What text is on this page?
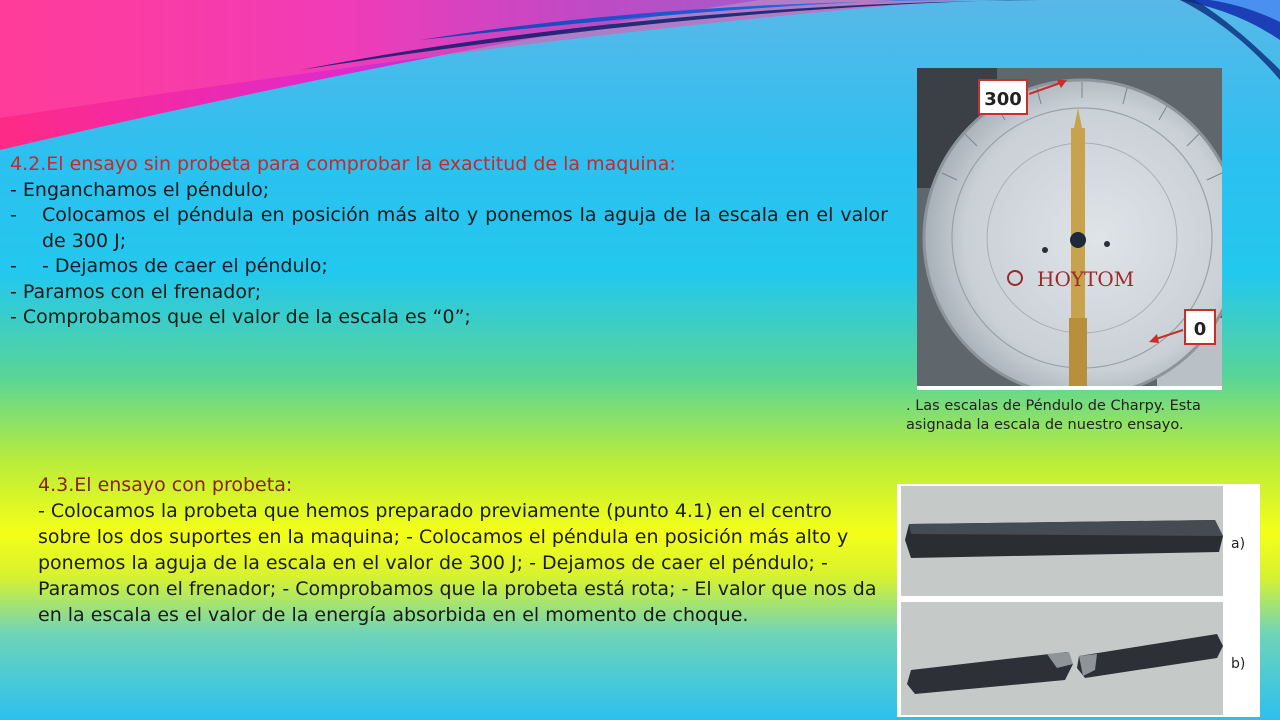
4.2.El ensayo sin probeta para comprobar la exactitud de la maquina:
- Enganchamos el péndulo;
-	Colocamos el péndula en posición más alto y ponemos la aguja de la escala en el valor de 300 J;
-	- Dejamos de caer el péndulo;
- Paramos con el frenador;
- Comprobamos que el valor de la escala es “0”;
4.3.El ensayo con probeta:
- Colocamos la probeta que hemos preparado previamente (punto 4.1) en el centro sobre los dos suportes en la maquina; - Colocamos el péndula en posición más alto y ponemos la aguja de la escala en el valor de 300 J; - Dejamos de caer el péndulo; - Paramos con el frenador; - Comprobamos que la probeta está rota; - El valor que nos da en la escala es el valor de la energía absorbida en el momento de choque.
HOYTOM
300
0
. Las escalas de Péndulo de Charpy. Esta asignada la escala de nuestro ensayo.
a)
b)
